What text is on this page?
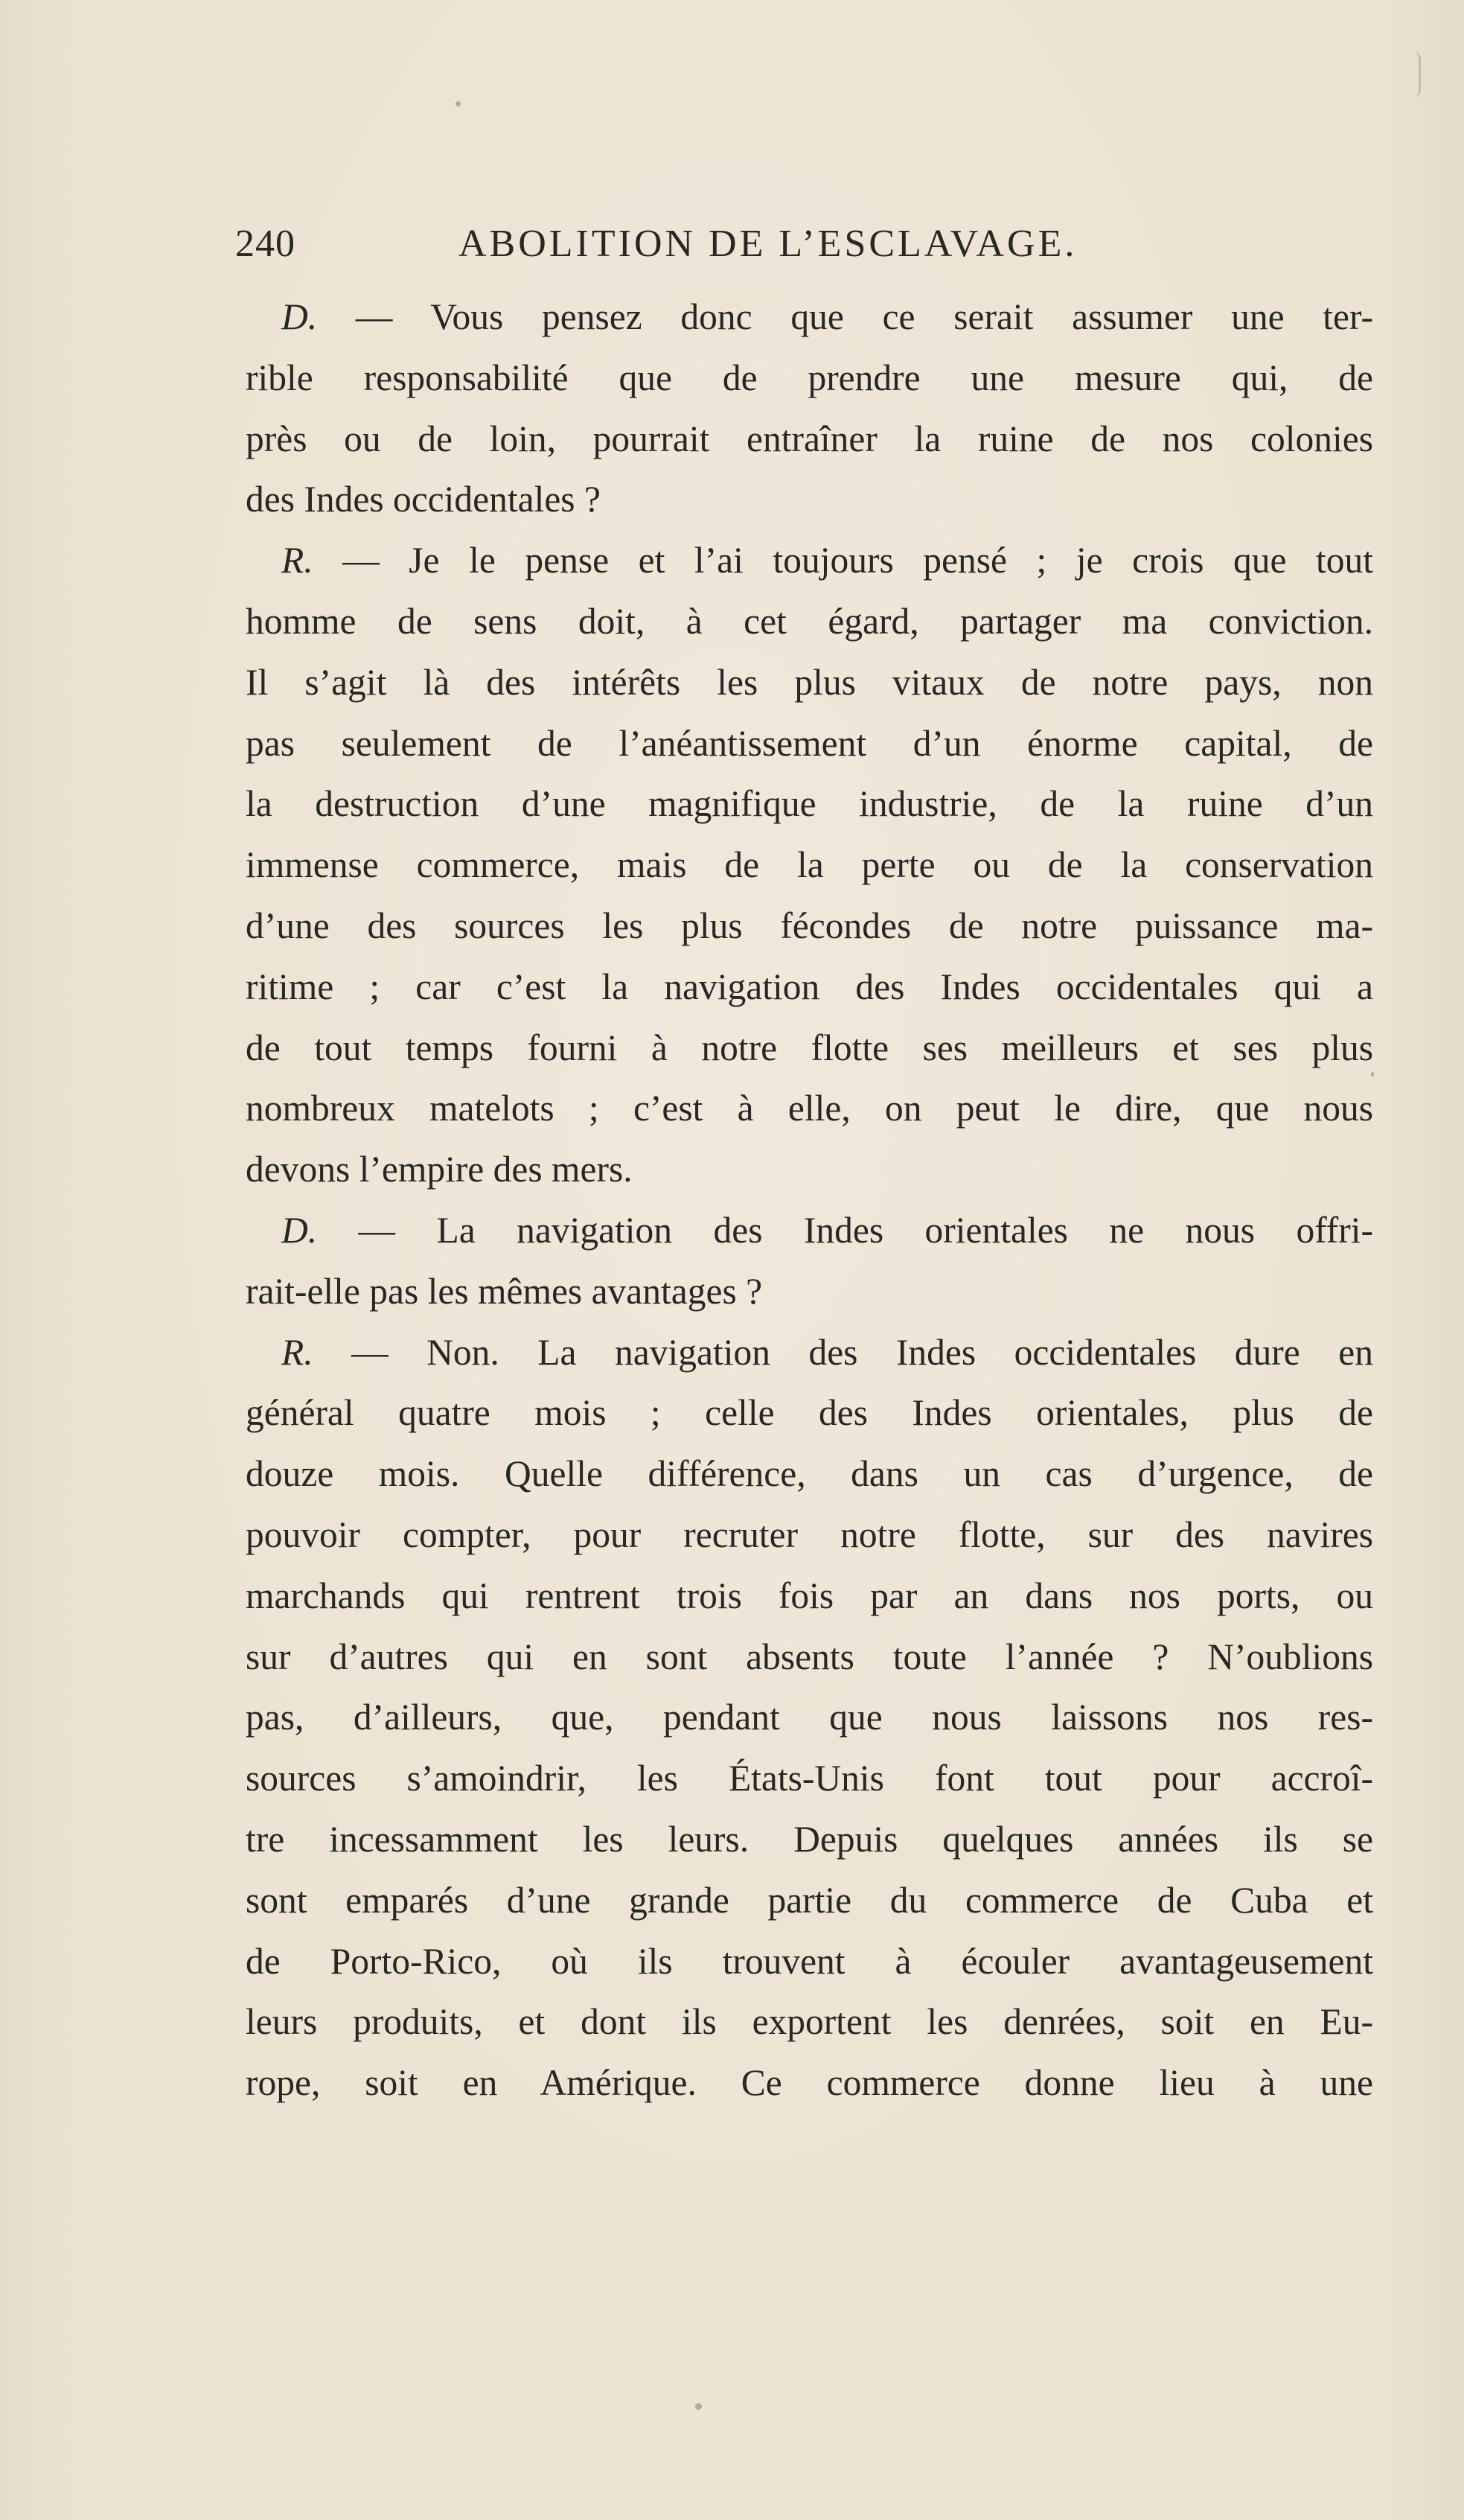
240	ABOLITION DE L’ESCLAVAGE.
D. — Vous pensez donc que ce serait assumer une ter-
rible responsabilité que de prendre une mesure qui, de
près ou de loin, pourrait entraîner la ruine de nos colonies
des Indes occidentales ?
R. — Je le pense et l’ai toujours pensé ; je crois que tout
homme de sens doit, à cet égard, partager ma conviction.
Il s’agit là des intérêts les plus vitaux de notre pays, non
pas seulement de l’anéantissement d’un énorme capital, de
la destruction d’une magnifique industrie, de la ruine d’un
immense commerce, mais de la perte ou de la conservation
d’une des sources les plus fécondes de notre puissance ma-
ritime ; car c’est la navigation des Indes occidentales qui a
de tout temps fourni à notre flotte ses meilleurs et ses plus
nombreux matelots ; c’est à elle, on peut le dire, que nous
devons l’empire des mers.
D. — La navigation des Indes orientales ne nous offri-
rait-elle pas les mêmes avantages ?
R. — Non. La navigation des Indes occidentales dure en
général quatre mois ; celle des Indes orientales, plus de
douze mois. Quelle différence, dans un cas d’urgence, de
pouvoir compter, pour recruter notre flotte, sur des navires
marchands qui rentrent trois fois par an dans nos ports, ou
sur d’autres qui en sont absents toute l’année ? N’oublions
pas, d’ailleurs, que, pendant que nous laissons nos res-
sources s’amoindrir, les États-Unis font tout pour accroî-
tre incessamment les leurs. Depuis quelques années ils se
sont emparés d’une grande partie du commerce de Cuba et
de Porto-Rico, où ils trouvent à écouler avantageusement
leurs produits, et dont ils exportent les denrées, soit en Eu-
rope, soit en Amérique. Ce commerce donne lieu à une
